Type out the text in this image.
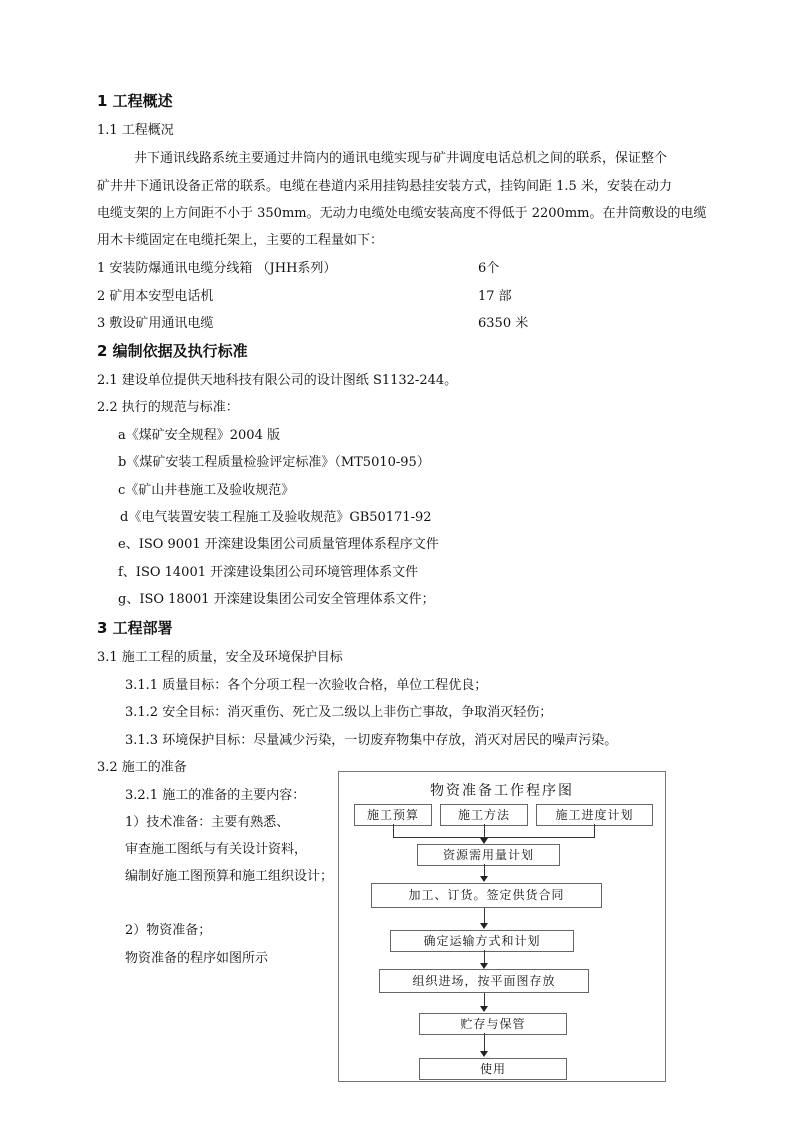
1 工程概述
1.1 工程概况
井下通讯线路系统主要通过井筒内的通讯电缆实现与矿井调度电话总机之间的联系，保证整个
矿井井下通讯设备正常的联系。电缆在巷道内采用挂钩悬挂安装方式，挂钩间距 1.5 米，安装在动力
电缆支架的上方间距不小于 350mm。无动力电缆处电缆安装高度不得低于 2200mm。在井筒敷设的电缆
用木卡缆固定在电缆托架上，主要的工程量如下：
1 安装防爆通讯电缆分线箱 （JHH系列）	6个
2 矿用本安型电话机	17 部
3 敷设矿用通讯电缆	6350 米
2 编制依据及执行标准
2.1 建设单位提供天地科技有限公司的设计图纸 S1132-244。
2.2 执行的规范与标准：
a《煤矿安全规程》2004 版
b《煤矿安装工程质量检验评定标准》（MT5010-95）
c《矿山井巷施工及验收规范》
d《电气装置安装工程施工及验收规范》GB50171-92
e、ISO 9001 开滦建设集团公司质量管理体系程序文件
f、ISO 14001 开滦建设集团公司环境管理体系文件
g、ISO 18001 开滦建设集团公司安全管理体系文件；
3 工程部署
3.1 施工工程的质量，安全及环境保护目标
3.1.1 质量目标：各个分项工程一次验收合格，单位工程优良；
3.1.2 安全目标：消灭重伤、死亡及二级以上非伤亡事故，争取消灭轻伤；
3.1.3 环境保护目标：尽量减少污染，一切废弃物集中存放，消灭对居民的噪声污染。
3.2 施工的准备
3.2.1 施工的准备的主要内容：
1）技术准备：主要有熟悉、
审查施工图纸与有关设计资料，
编制好施工图预算和施工组织设计；
2）物资准备；
物资准备的程序如图所示
物资准备工作程序图
施工预算	施工方法	施工进度计划
资源需用量计划
加工、订货。签定供货合同
确定运输方式和计划
组织进场，按平面图存放
贮存与保管
使用
